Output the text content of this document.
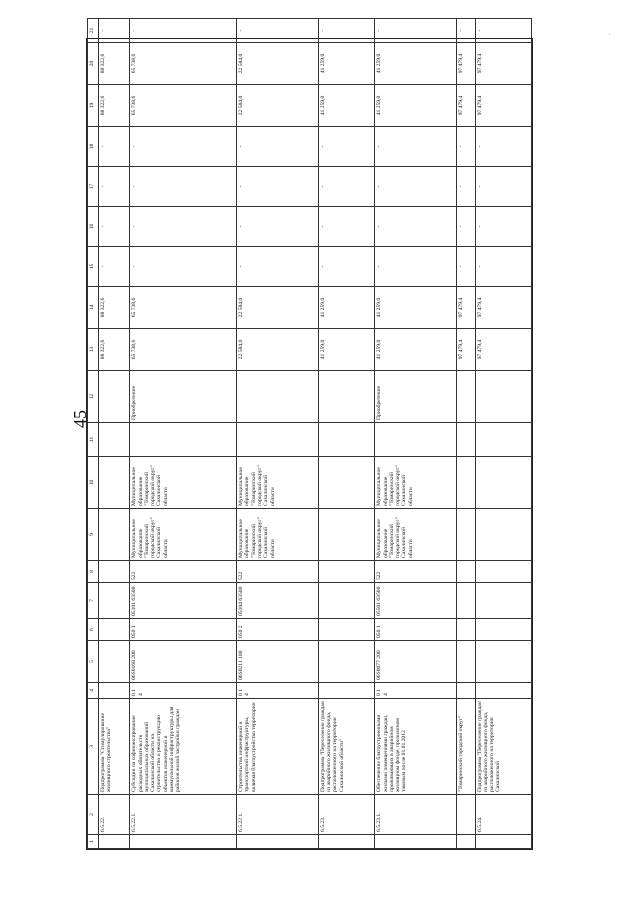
45
1	2	3	4	5	6	7	8	9	10	11	12	13	14	15	16	17	18	19	20	21
	6.5.22.	Подпрограмма "Стимулирование жилищного строительства"										88 322,6	88 322,6	-	-	-	-	88 322,6	88 322,6	-
	6.5.22.1.	Субсидии на софинансирование расходных обязательств муниципальных образований Сахалинской области на строительство и реконструкцию объектов инженерной и коммунальной инфраструктуры для районов жилой застройки граждан	0 1 4	06S0168 200	050 1	05101 63500	522	Муниципальное образование "Томаринский городской округ" Сахалинской области	Муниципальное образование "Томаринский городской округ" Сахалинской области		Приобретение	65 738,6	65 738,6	-	-	-	-	65 738,6	65 738,6	-
	6.5.22.1.	Строительство инженерной и транспортной инфраструктуры, включая благоустройство территории	0 1 4	06S0211 100	050 2	05104 63500	522	Муниципальное образование "Томаринский городской округ" Сахалинской области	Муниципальное образование "Томаринский городской округ" Сахалинской области			22 584,0	22 584,0	-	-	-	-	22 584,0	22 584,0	-
	6.5.23.	Подпрограмма "Переселение граждан из аварийного жилищного фонда, расположенного на территории Сахалинской области"										41 259,0	41 259,0	-	-	-	-	41 259,0	41 259,0	-
	6.5.23.1.	Обеспечение благоустроенными жилыми помещениями граждан, проживающих в аварийном жилищном фонде, признанном таковым после 01.01.2012	0 1 4	06S0077 200	050 1	05501 63500	522	Муниципальное образование "Томаринский городской округ" Сахалинской области	Муниципальное образование "Томаринский городской округ" Сахалинской области		Приобретение	41 259,0	41 259,0	-	-	-	-	41 259,0	41 259,0	-
		"Томаринский городской округ"										97 479,4	97 479,4	-	-	-	-	97 479,4	97 479,4	-
	6.5.24.	Подпрограмма "Переселение граждан из аварийного жилищного фонда, расположенного на территории Сахалинской										97 479,4	97 479,4	-	-	-	-	97 479,4	97 479,4	-	·
